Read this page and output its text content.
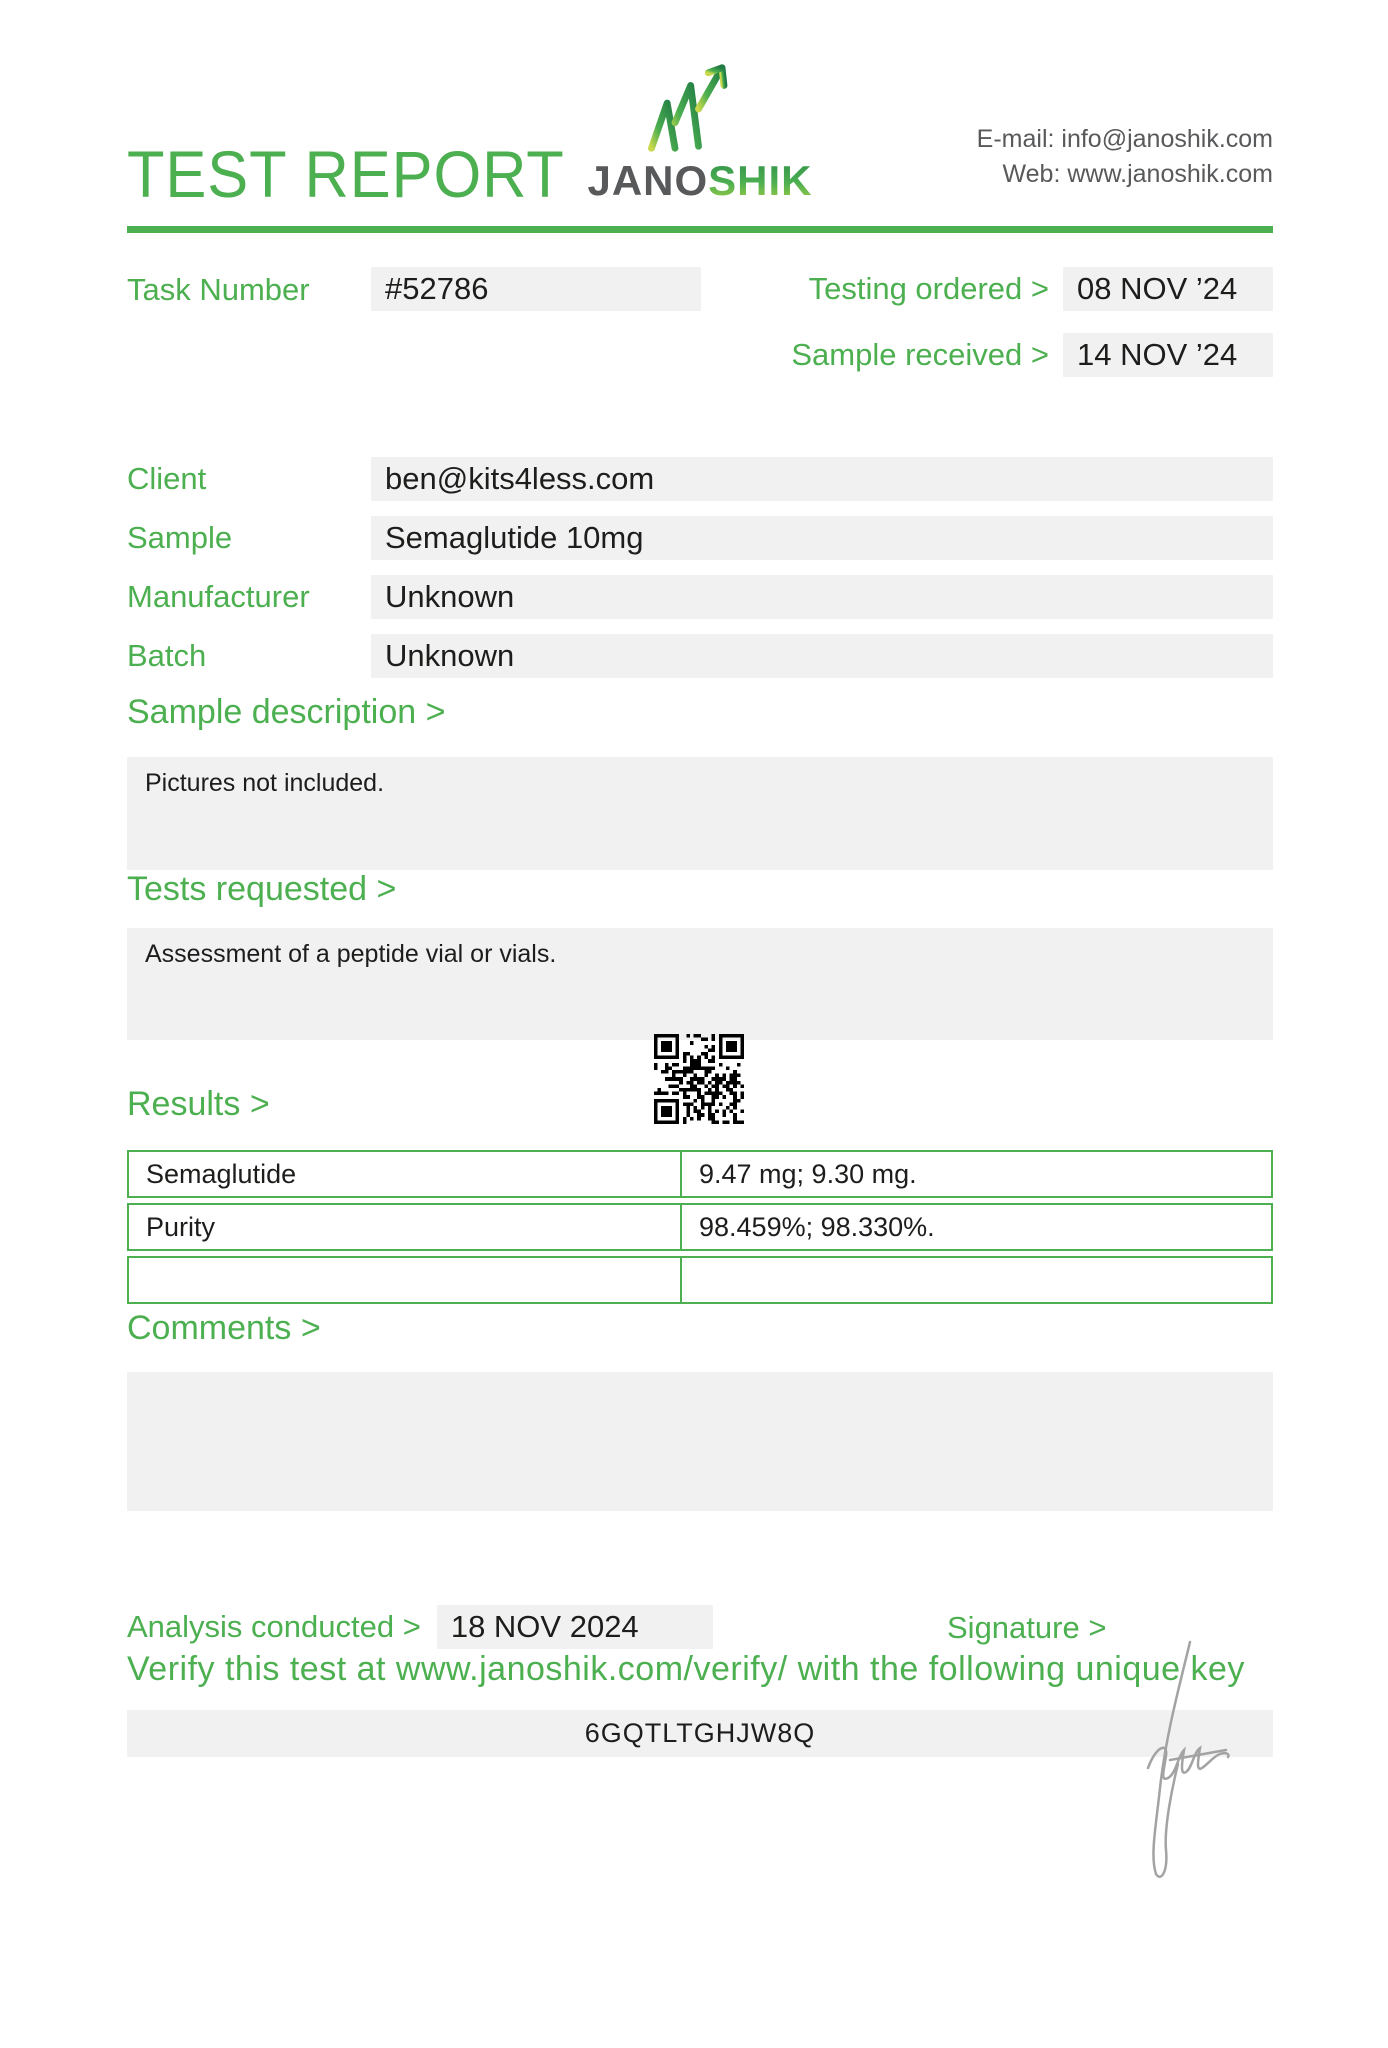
TEST REPORT JANOSHIK
E-mail: info@janoshik.com
Web: www.janoshik.com
Task Number	#52786	Testing ordered > 08 NOV ’24
Sample received > 14 NOV ’24
Client	ben@kits4less.com
Sample	Semaglutide 10mg
Manufacturer	Unknown
Batch	Unknown
Sample description >
Pictures not included.
Tests requested >
Assessment of a peptide vial or vials.
Results >
Semaglutide	9.47 mg; 9.30 mg.
Purity	98.459%; 98.330%.
Comments >
Analysis conducted > 18 NOV 2024	Signature >
Verify this test at www.janoshik.com/verify/ with the following unique key
6GQTLTGHJW8Q
